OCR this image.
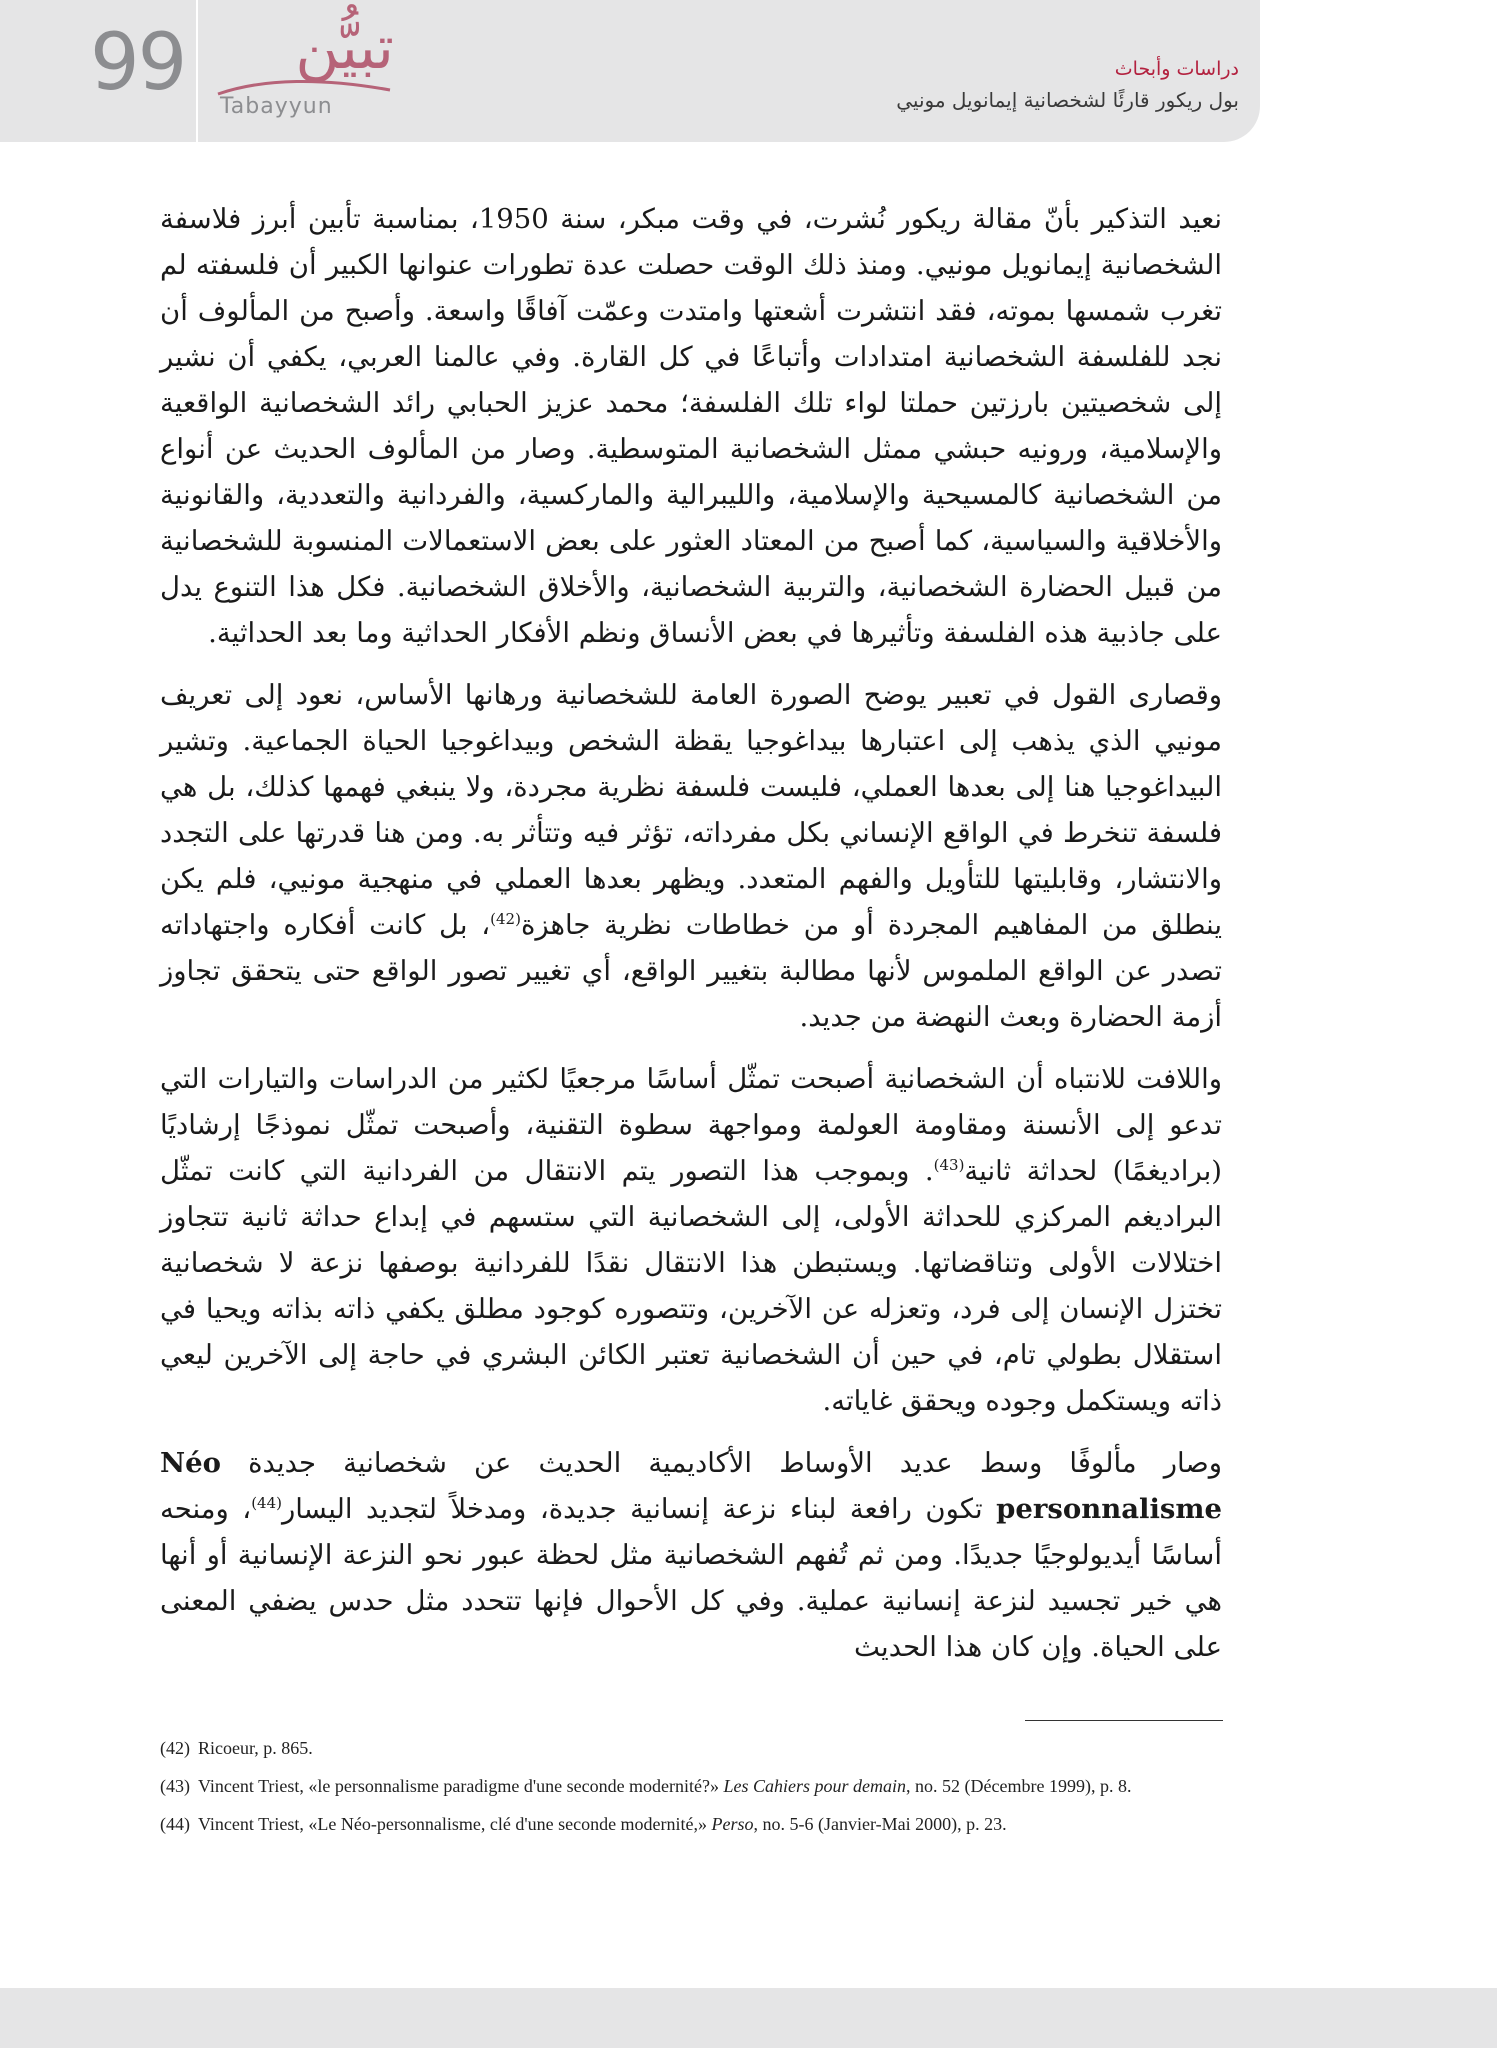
99 تبيُّن
Tabayyun
دراسات وأبحاث
بول ريكور قارئًا لشخصانية إيمانويل مونيي

نعيد التذكير بأنّ مقالة ريكور نُشرت، في وقت مبكر، سنة 1950، بمناسبة تأبين أبرز فلاسفة الشخصانية إيمانويل مونيي. ومنذ ذلك الوقت حصلت عدة تطورات عنوانها الكبير أن فلسفته لم تغرب شمسها بموته، فقد انتشرت أشعتها وامتدت وعمّت آفاقًا واسعة. وأصبح من المألوف أن نجد للفلسفة الشخصانية امتدادات وأتباعًا في كل القارة. وفي عالمنا العربي، يكفي أن نشير إلى شخصيتين بارزتين حملتا لواء تلك الفلسفة؛ محمد عزيز الحبابي رائد الشخصانية الواقعية والإسلامية، ورونيه حبشي ممثل الشخصانية المتوسطية. وصار من المألوف الحديث عن أنواع من الشخصانية كالمسيحية والإسلامية، والليبرالية والماركسية، والفردانية والتعددية، والقانونية والأخلاقية والسياسية، كما أصبح من المعتاد العثور على بعض الاستعمالات المنسوبة للشخصانية من قبيل الحضارة الشخصانية، والتربية الشخصانية، والأخلاق الشخصانية. فكل هذا التنوع يدل على جاذبية هذه الفلسفة وتأثيرها في بعض الأنساق ونظم الأفكار الحداثية وما بعد الحداثية.

وقصارى القول في تعبير يوضح الصورة العامة للشخصانية ورهانها الأساس، نعود إلى تعريف مونيي الذي يذهب إلى اعتبارها بيداغوجيا يقظة الشخص وبيداغوجيا الحياة الجماعية. وتشير البيداغوجيا هنا إلى بعدها العملي، فليست فلسفة نظرية مجردة، ولا ينبغي فهمها كذلك، بل هي فلسفة تنخرط في الواقع الإنساني بكل مفرداته، تؤثر فيه وتتأثر به. ومن هنا قدرتها على التجدد والانتشار، وقابليتها للتأويل والفهم المتعدد. ويظهر بعدها العملي في منهجية مونيي، فلم يكن ينطلق من المفاهيم المجردة أو من خطاطات نظرية جاهزة$^{(42)}$، بل كانت أفكاره واجتهاداته تصدر عن الواقع الملموس لأنها مطالبة بتغيير الواقع، أي تغيير تصور الواقع حتى يتحقق تجاوز أزمة الحضارة وبعث النهضة من جديد.

واللافت للانتباه أن الشخصانية أصبحت تمثّل أساسًا مرجعيًا لكثير من الدراسات والتيارات التي تدعو إلى الأنسنة ومقاومة العولمة ومواجهة سطوة التقنية، وأصبحت تمثّل نموذجًا إرشاديًا (براديغمًا) لحداثة ثانية$^{(43)}$. وبموجب هذا التصور يتم الانتقال من الفردانية التي كانت تمثّل البراديغم المركزي للحداثة الأولى، إلى الشخصانية التي ستسهم في إبداع حداثة ثانية تتجاوز اختلالات الأولى وتناقضاتها. ويستبطن هذا الانتقال نقدًا للفردانية بوصفها نزعة لا شخصانية تختزل الإنسان إلى فرد، وتعزله عن الآخرين، وتتصوره كوجود مطلق يكفي ذاته بذاته ويحيا في استقلال بطولي تام، في حين أن الشخصانية تعتبر الكائن البشري في حاجة إلى الآخرين ليعي ذاته ويستكمل وجوده ويحقق غاياته.

وصار مألوفًا وسط عديد الأوساط الأكاديمية الحديث عن شخصانية جديدة Néo personnalisme تكون رافعة لبناء نزعة إنسانية جديدة، ومدخلاً لتجديد اليسار$^{(44)}$، ومنحه أساسًا أيديولوجيًا جديدًا. ومن ثم تُفهم الشخصانية مثل لحظة عبور نحو النزعة الإنسانية أو أنها هي خير تجسيد لنزعة إنسانية عملية. وفي كل الأحوال فإنها تتحدد مثل حدس يضفي المعنى على الحياة. وإن كان هذا الحديث

(42) Ricoeur, p. 865.

(43) Vincent Triest, «le personnalisme paradigme d'une seconde modernité?» Les Cahiers pour demain, no. 52 (Décembre 1999), p. 8.

(44) Vincent Triest, «Le Néo-personnalisme, clé d'une seconde modernité,» Perso, no. 5-6 (Janvier-Mai 2000), p. 23.
